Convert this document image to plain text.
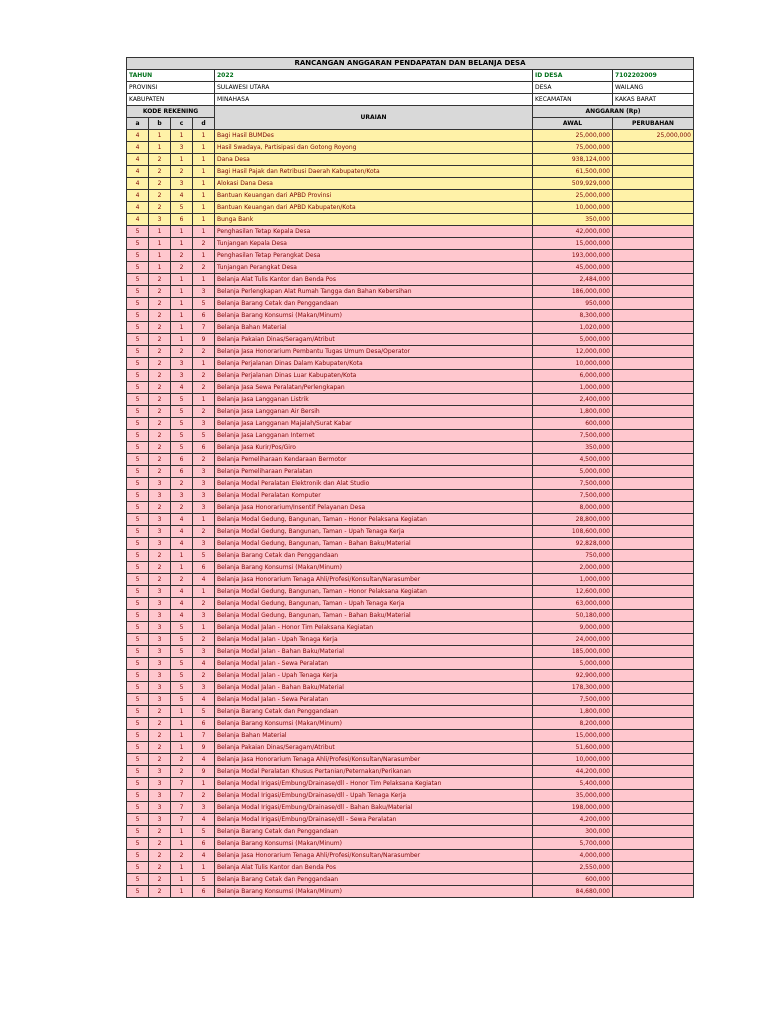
RANCANGAN ANGGARAN PENDAPATAN DAN BELANJA DESA						
TAHUN				2022	ID DESA	7102202009
PROVINSI				SULAWESI UTARA	DESA	WAILANG
KABUPATEN				MINAHASA	KECAMATAN	KAKAS BARAT
KODE REKENING				URAIAN	ANGGARAN (Rp)	
a	b	c	d		AWAL	PERUBAHAN
4	1	1	1	Bagi Hasil BUMDes	25,000,000	25,000,000
4	1	3	1	Hasil Swadaya, Partisipasi dan Gotong Royong	75,000,000	
4	2	1	1	Dana Desa	938,124,000	
4	2	2	1	Bagi Hasil Pajak dan Retribusi Daerah Kabupaten/Kota	61,500,000	
4	2	3	1	Alokasi Dana Desa	509,929,000	
4	2	4	1	Bantuan Keuangan dari APBD Provinsi	25,000,000	
4	2	5	1	Bantuan Keuangan dari APBD Kabupaten/Kota	10,000,000	
4	3	6	1	Bunga Bank	350,000	
5	1	1	1	Penghasilan Tetap Kepala Desa	42,000,000	
5	1	1	2	Tunjangan Kepala Desa	15,000,000	
5	1	2	1	Penghasilan Tetap Perangkat Desa	193,000,000	
5	1	2	2	Tunjangan Perangkat Desa	45,000,000	
5	2	1	1	Belanja Alat Tulis Kantor dan Benda Pos	2,484,000	
5	2	1	3	Belanja Perlengkapan Alat Rumah Tangga dan Bahan Kebersihan	186,000,000	
5	2	1	5	Belanja Barang Cetak dan Penggandaan	950,000	
5	2	1	6	Belanja Barang Konsumsi (Makan/Minum)	8,300,000	
5	2	1	7	Belanja Bahan Material	1,020,000	
5	2	1	9	Belanja Pakaian Dinas/Seragam/Atribut	5,000,000	
5	2	2	2	Belanja Jasa Honorarium Pembantu Tugas Umum Desa/Operator	12,000,000	
5	2	3	1	Belanja Perjalanan Dinas Dalam Kabupaten/Kota	10,000,000	
5	2	3	2	Belanja Perjalanan Dinas Luar Kabupaten/Kota	6,000,000	
5	2	4	2	Belanja Jasa Sewa Peralatan/Perlengkapan	1,000,000	
5	2	5	1	Belanja Jasa Langganan Listrik	2,400,000	
5	2	5	2	Belanja Jasa Langganan Air Bersih	1,800,000	
5	2	5	3	Belanja Jasa Langganan Majalah/Surat Kabar	600,000	
5	2	5	5	Belanja Jasa Langganan Internet	7,500,000	
5	2	5	6	Belanja Jasa Kurir/Pos/Giro	350,000	
5	2	6	2	Belanja Pemeliharaan Kendaraan Bermotor	4,500,000	
5	2	6	3	Belanja Pemeliharaan Peralatan	5,000,000	
5	3	2	3	Belanja Modal Peralatan Elektronik dan Alat Studio	7,500,000	
5	3	3	3	Belanja Modal Peralatan Komputer	7,500,000	
5	2	2	3	Belanja Jasa Honorarium/Insentif Pelayanan Desa	8,000,000	
5	3	4	1	Belanja Modal Gedung, Bangunan, Taman - Honor Pelaksana Kegiatan	28,800,000	
5	3	4	2	Belanja Modal Gedung, Bangunan, Taman - Upah Tenaga Kerja	108,600,000	
5	3	4	3	Belanja Modal Gedung, Bangunan, Taman - Bahan Baku/Material	92,828,000	
5	2	1	5	Belanja Barang Cetak dan Penggandaan	750,000	
5	2	1	6	Belanja Barang Konsumsi (Makan/Minum)	2,000,000	
5	2	2	4	Belanja Jasa Honorarium Tenaga Ahli/Profesi/Konsultan/Narasumber	1,000,000	
5	3	4	1	Belanja Modal Gedung, Bangunan, Taman - Honor Pelaksana Kegiatan	12,600,000	
5	3	4	2	Belanja Modal Gedung, Bangunan, Taman - Upah Tenaga Kerja	63,000,000	
5	3	4	3	Belanja Modal Gedung, Bangunan, Taman - Bahan Baku/Material	50,180,000	
5	3	5	1	Belanja Modal Jalan - Honor Tim Pelaksana Kegiatan	9,000,000	
5	3	5	2	Belanja Modal Jalan - Upah Tenaga Kerja	24,000,000	
5	3	5	3	Belanja Modal Jalan - Bahan Baku/Material	185,000,000	
5	3	5	4	Belanja Modal Jalan - Sewa Peralatan	5,000,000	
5	3	5	2	Belanja Modal Jalan - Upah Tenaga Kerja	92,900,000	
5	3	5	3	Belanja Modal Jalan - Bahan Baku/Material	178,300,000	
5	3	5	4	Belanja Modal Jalan - Sewa Peralatan	7,500,000	
5	2	1	5	Belanja Barang Cetak dan Penggandaan	1,800,000	
5	2	1	6	Belanja Barang Konsumsi (Makan/Minum)	8,200,000	
5	2	1	7	Belanja Bahan Material	15,000,000	
5	2	1	9	Belanja Pakaian Dinas/Seragam/Atribut	51,600,000	
5	2	2	4	Belanja Jasa Honorarium Tenaga Ahli/Profesi/Konsultan/Narasumber	10,000,000	
5	3	2	9	Belanja Modal Peralatan Khusus Pertanian/Peternakan/Perikanan	44,200,000	
5	3	7	1	Belanja Modal Irigasi/Embung/Drainase/dll - Honor Tim Pelaksana Kegiatan	5,400,000	
5	3	7	2	Belanja Modal Irigasi/Embung/Drainase/dll - Upah Tenaga Kerja	35,000,000	
5	3	7	3	Belanja Modal Irigasi/Embung/Drainase/dll - Bahan Baku/Material	198,000,000	
5	3	7	4	Belanja Modal Irigasi/Embung/Drainase/dll - Sewa Peralatan	4,200,000	
5	2	1	5	Belanja Barang Cetak dan Penggandaan	300,000	
5	2	1	6	Belanja Barang Konsumsi (Makan/Minum)	5,700,000	
5	2	2	4	Belanja Jasa Honorarium Tenaga Ahli/Profesi/Konsultan/Narasumber	4,000,000	
5	2	1	1	Belanja Alat Tulis Kantor dan Benda Pos	2,550,000	
5	2	1	5	Belanja Barang Cetak dan Penggandaan	600,000	
5	2	1	6	Belanja Barang Konsumsi (Makan/Minum)	84,680,000	
